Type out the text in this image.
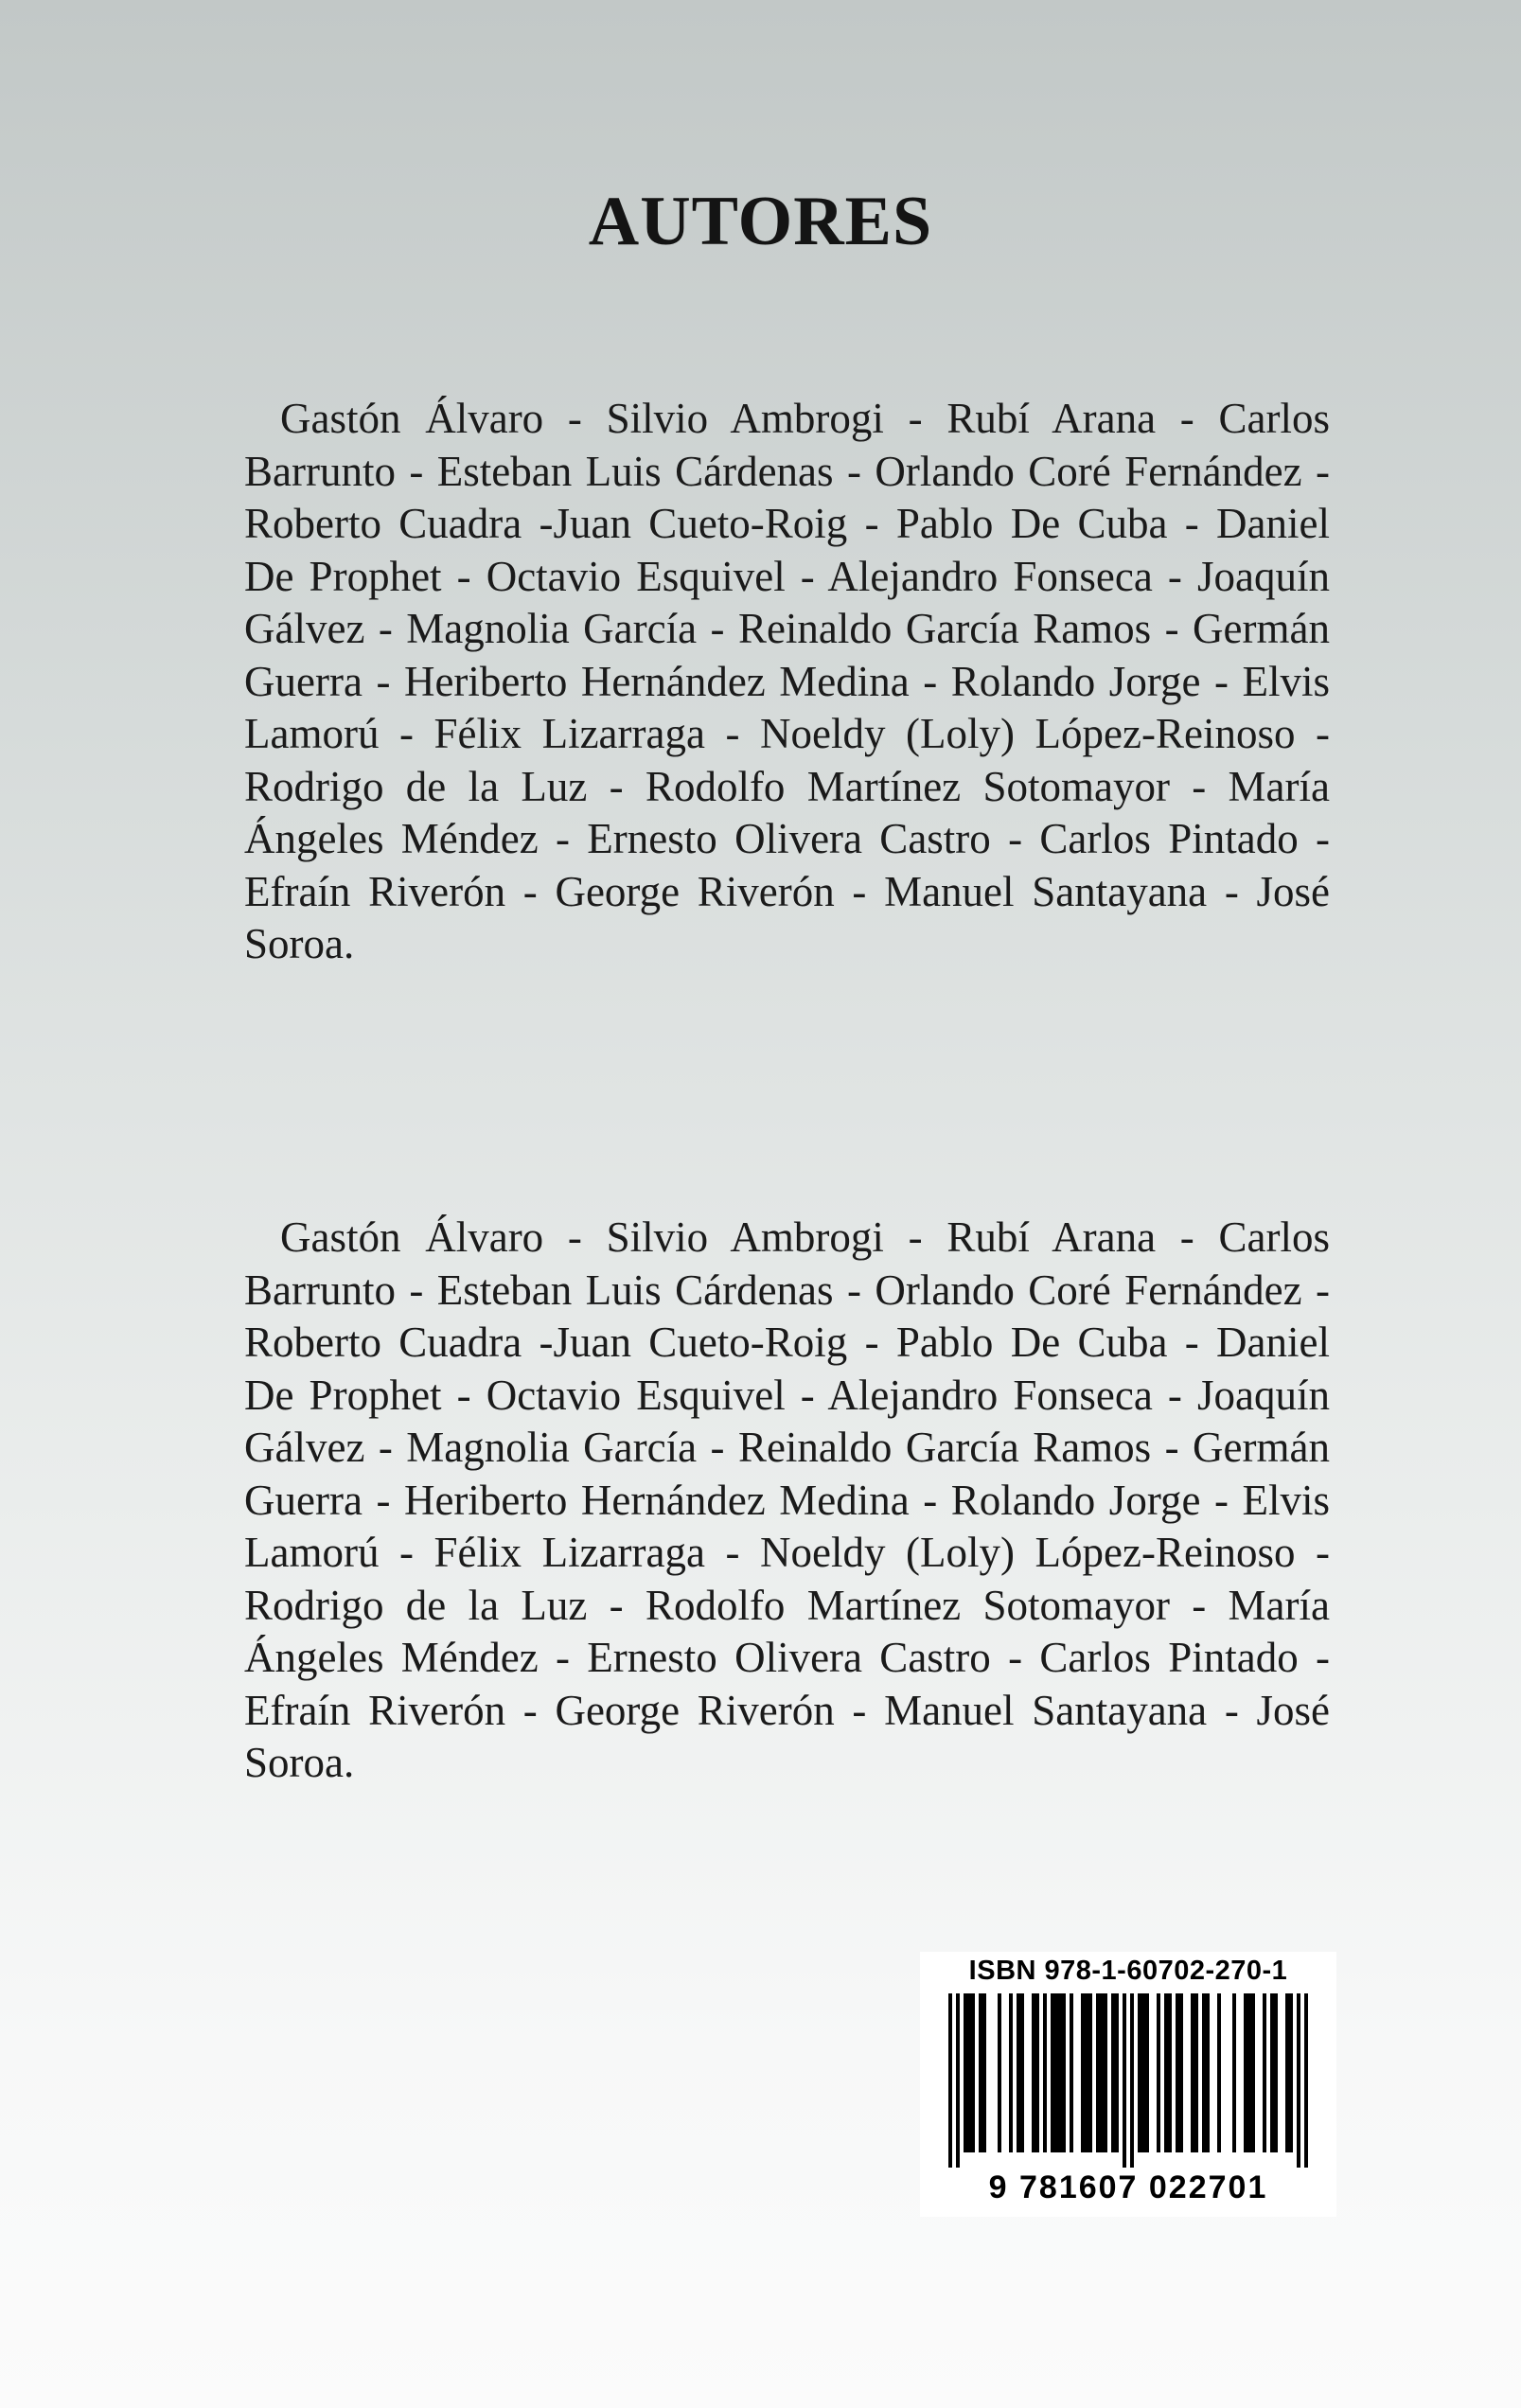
AUTORES

Gastón Álvaro - Silvio Ambrogi - Rubí Arana - Carlos Barrunto - Esteban Luis Cárdenas - Orlando Coré Fernández - Roberto Cuadra -Juan Cueto-Roig - Pablo De Cuba - Daniel De Prophet - Octavio Esquivel - Alejandro Fonseca - Joaquín Gálvez - Magnolia García - Reinaldo García Ramos - Germán Guerra - Heriberto Hernández Medina - Rolando Jorge - Elvis Lamorú - Félix Lizarraga - Noeldy (Loly) López-Reinoso - Rodrigo de la Luz - Rodolfo Martínez Sotomayor - María Ángeles Méndez - Ernesto Olivera Castro - Carlos Pintado - Efraín Riverón - George Riverón - Manuel Santayana - José Soroa.

Gastón Álvaro - Silvio Ambrogi - Rubí Arana - Carlos Barrunto - Esteban Luis Cárdenas - Orlando Coré Fernández - Roberto Cuadra -Juan Cueto-Roig - Pablo De Cuba - Daniel De Prophet - Octavio Esquivel - Alejandro Fonseca - Joaquín Gálvez - Magnolia García - Reinaldo García Ramos - Germán Guerra - Heriberto Hernández Medina - Rolando Jorge - Elvis Lamorú - Félix Lizarraga - Noeldy (Loly) López-Reinoso - Rodrigo de la Luz - Rodolfo Martínez Sotomayor - María Ángeles Méndez - Ernesto Olivera Castro - Carlos Pintado - Efraín Riverón - George Riverón - Manuel Santayana - José Soroa.

ISBN 978-1-60702-270-1
9 781607 022701
